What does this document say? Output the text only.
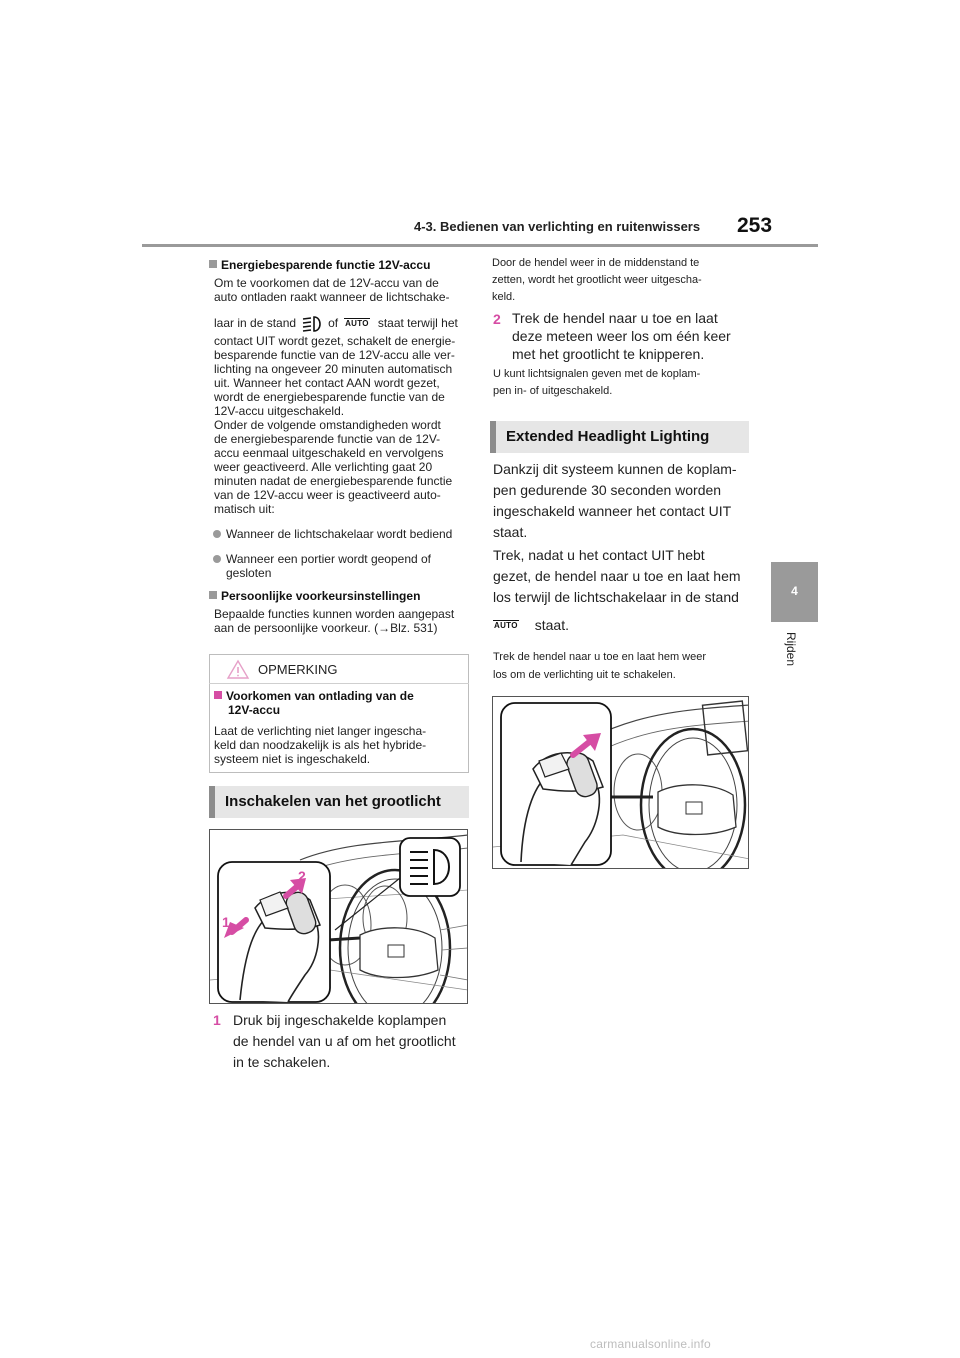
4-3. Bedienen van verlichting en ruitenwissers 253
4
Rijden
Energiebesparende functie 12V-accu

Om te voorkomen dat de 12V-accu van de

auto ontladen raakt wanneer de lichtschake-

laar in de stand	of AUTO staat terwijl het

contact UIT wordt gezet, schakelt de energie-

besparende functie van de 12V-accu alle ver-

lichting na ongeveer 20 minuten automatisch

uit. Wanneer het contact AAN wordt gezet,

wordt de energiebesparende functie van de

12V-accu uitgeschakeld.

Onder de volgende omstandigheden wordt

de energiebesparende functie van de 12V-

accu eenmaal uitgeschakeld en vervolgens

weer geactiveerd. Alle verlichting gaat 20

minuten nadat de energiebesparende functie

van de 12V-accu weer is geactiveerd auto-

matisch uit:

Wanneer de lichtschakelaar wordt bediend
Wanneer een portier wordt geopend of
gesloten
Persoonlijke voorkeursinstellingen

Bepaalde functies kunnen worden aangepast

aan de persoonlijke voorkeur. (→Blz. 531)

OPMERKING
Voorkomen van ontlading van de
12V-accu

Laat de verlichting niet langer ingescha-

keld dan noodzakelijk is als het hybride-

systeem niet is ingeschakeld.

Inschakelen van het grootlicht
1
2
1 Druk bij ingeschakelde koplampen
de hendel van u af om het grootlicht
in te schakelen.
Door de hendel weer in de middenstand te
zetten, wordt het grootlicht weer uitgescha-
keld.
2 Trek de hendel naar u toe en laat
deze meteen weer los om één keer
met het grootlicht te knipperen.
U kunt lichtsignalen geven met de koplam-
pen in- of uitgeschakeld.
Extended Headlight Lighting
Dankzij dit systeem kunnen de koplam-
pen gedurende 30 seconden worden
ingeschakeld wanneer het contact UIT
staat.
Trek, nadat u het contact UIT hebt
gezet, de hendel naar u toe en laat hem
los terwijl de lichtschakelaar in de stand
AUTO staat.
Trek de hendel naar u toe en laat hem weer
los om de verlichting uit te schakelen.
carmanualsonline.info
